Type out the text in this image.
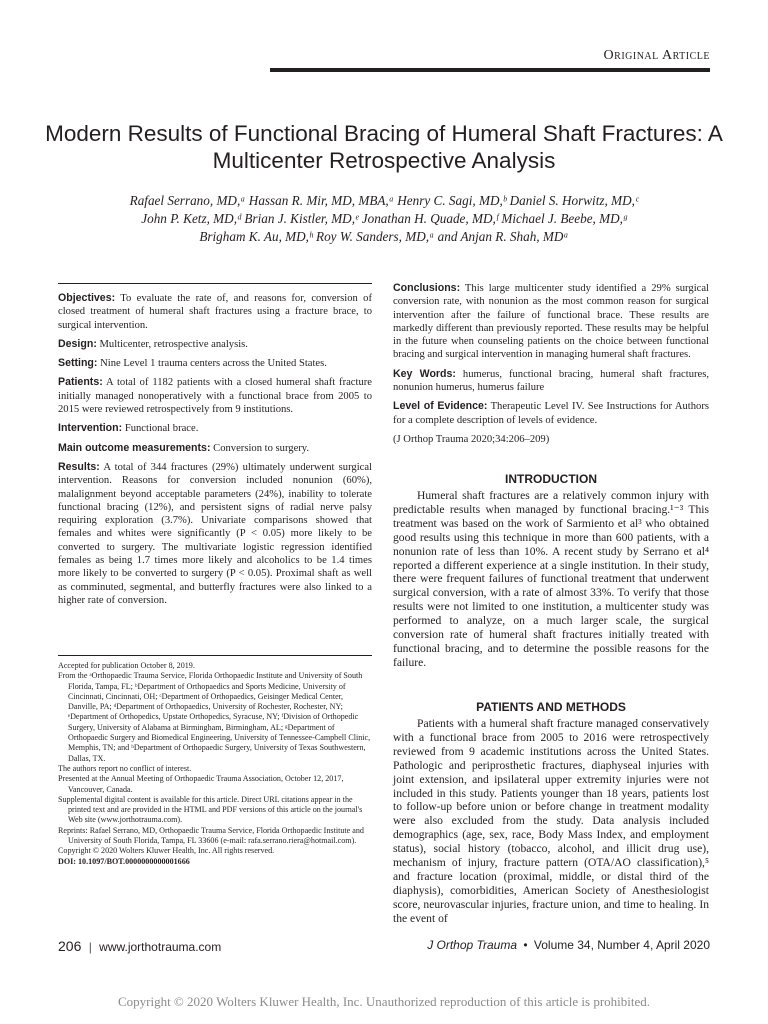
Original Article
Modern Results of Functional Bracing of Humeral Shaft Fractures: A Multicenter Retrospective Analysis
Rafael Serrano, MD,ᵃ Hassan R. Mir, MD, MBA,ᵃ Henry C. Sagi, MD,ᵇ Daniel S. Horwitz, MD,ᶜ
John P. Ketz, MD,ᵈ Brian J. Kistler, MD,ᵉ Jonathan H. Quade, MD,ᶠ Michael J. Beebe, MD,ᵍ
Brigham K. Au, MD,ʰ Roy W. Sanders, MD,ᵃ and Anjan R. Shah, MDᵃ

Objectives: To evaluate the rate of, and reasons for, conversion of closed treatment of humeral shaft fractures using a fracture brace, to surgical intervention.

Design: Multicenter, retrospective analysis.

Setting: Nine Level 1 trauma centers across the United States.

Patients: A total of 1182 patients with a closed humeral shaft fracture initially managed nonoperatively with a functional brace from 2005 to 2015 were reviewed retrospectively from 9 institutions.

Intervention: Functional brace.

Main outcome measurements: Conversion to surgery.

Results: A total of 344 fractures (29%) ultimately underwent surgical intervention. Reasons for conversion included nonunion (60%), malalignment beyond acceptable parameters (24%), inability to tolerate functional bracing (12%), and persistent signs of radial nerve palsy requiring exploration (3.7%). Univariate comparisons showed that females and whites were significantly (P < 0.05) more likely to be converted to surgery. The multivariate logistic regression identified females as being 1.7 times more likely and alcoholics to be 1.4 times more likely to be converted to surgery (P < 0.05). Proximal shaft as well as comminuted, segmental, and butterfly fractures were also linked to a higher rate of conversion.

Accepted for publication October 8, 2019.
From the ᵃOrthopaedic Trauma Service, Florida Orthopaedic Institute and University of South Florida, Tampa, FL; ᵇDepartment of Orthopaedics and Sports Medicine, University of Cincinnati, Cincinnati, OH; ᶜDepartment of Orthopaedics, Geisinger Medical Center, Danville, PA; ᵈDepartment of Orthopaedics, University of Rochester, Rochester, NY; ᵉDepartment of Orthopedics, Upstate Orthopedics, Syracuse, NY; ᶠDivision of Orthopedic Surgery, University of Alabama at Birmingham, Birmingham, AL; ᵍDepartment of Orthopaedic Surgery and Biomedical Engineering, University of Tennessee-Campbell Clinic, Memphis, TN; and ʰDepartment of Orthopaedic Surgery, University of Texas Southwestern, Dallas, TX.
The authors report no conflict of interest.
Presented at the Annual Meeting of Orthopaedic Trauma Association, October 12, 2017, Vancouver, Canada.
Supplemental digital content is available for this article. Direct URL citations appear in the printed text and are provided in the HTML and PDF versions of this article on the journal's Web site (www.jorthotrauma.com).
Reprints: Rafael Serrano, MD, Orthopaedic Trauma Service, Florida Orthopaedic Institute and University of South Florida, Tampa, FL 33606 (e-mail: rafa.serrano.riera@hotmail.com).
Copyright © 2020 Wolters Kluwer Health, Inc. All rights reserved.
DOI: 10.1097/BOT.0000000000001666

Conclusions: This large multicenter study identified a 29% surgical conversion rate, with nonunion as the most common reason for surgical intervention after the failure of functional brace. These results are markedly different than previously reported. These results may be helpful in the future when counseling patients on the choice between functional bracing and surgical intervention in managing humeral shaft fractures.

Key Words: humerus, functional bracing, humeral shaft fractures, nonunion humerus, humerus failure

Level of Evidence: Therapeutic Level IV. See Instructions for Authors for a complete description of levels of evidence.

(J Orthop Trauma 2020;34:206–209)

INTRODUCTION

Humeral shaft fractures are a relatively common injury with predictable results when managed by functional bracing.¹⁻³ This treatment was based on the work of Sarmiento et al³ who obtained good results using this technique in more than 600 patients, with a nonunion rate of less than 10%. A recent study by Serrano et al⁴ reported a different experience at a single institution. In their study, there were frequent failures of functional treatment that underwent surgical conversion, with a rate of almost 33%. To verify that those results were not limited to one institution, a multicenter study was performed to analyze, on a much larger scale, the surgical conversion rate of humeral shaft fractures initially treated with functional bracing, and to determine the possible reasons for the failure.

PATIENTS AND METHODS

Patients with a humeral shaft fracture managed conservatively with a functional brace from 2005 to 2016 were retrospectively reviewed from 9 academic institutions across the United States. Pathologic and periprosthetic fractures, diaphyseal injuries with joint extension, and ipsilateral upper extremity injuries were not included in this study. Patients younger than 18 years, patients lost to follow-up before union or before change in treatment modality were also excluded from the study. Data analysis included demographics (age, sex, race, Body Mass Index, and employment status), social history (tobacco, alcohol, and illicit drug use), mechanism of injury, fracture pattern (OTA/AO classification),⁵ and fracture location (proximal, middle, or distal third of the diaphysis), comorbidities, American Society of Anesthesiologist score, neurovascular injuries, fracture union, and time to healing. In the event of

206 | www.jorthotrauma.com	J Orthop Trauma • Volume 34, Number 4, April 2020
Copyright © 2020 Wolters Kluwer Health, Inc. Unauthorized reproduction of this article is prohibited.
